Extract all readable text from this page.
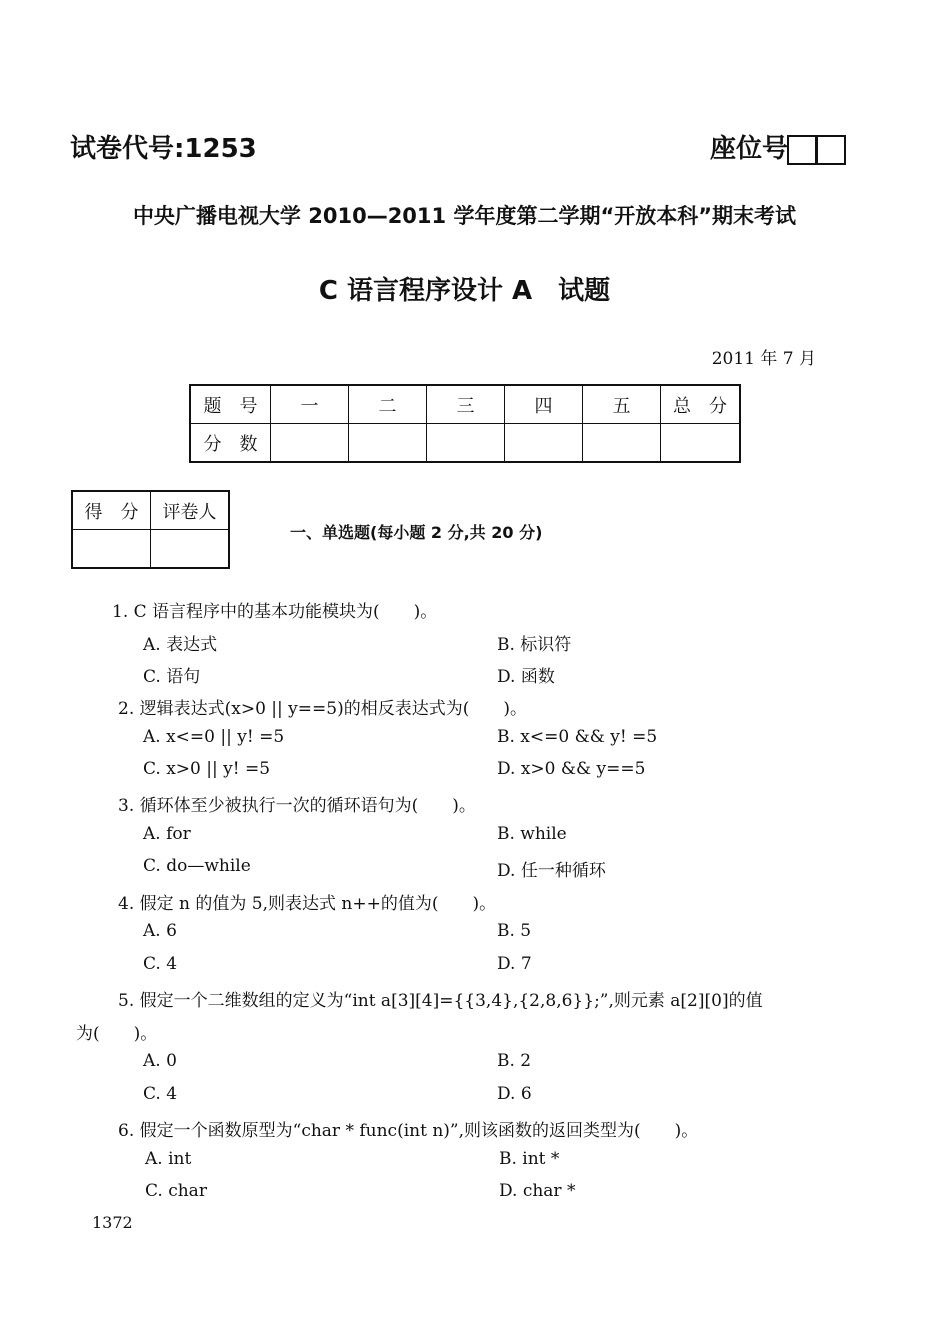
试卷代号:1253	座位号
中央广播电视大学 2010—2011 学年度第二学期“开放本科”期末考试
C 语言程序设计 A　试题
2011 年 7 月
题　号	一	二	三	四	五	总　分
分　数						
得　分	评卷人

一、单选题(每小题 2 分,共 20 分)
1. C 语言程序中的基本功能模块为(　　)。
A. 表达式	B. 标识符
C. 语句	D. 函数
2. 逻辑表达式(x>0 || y==5)的相反表达式为(　　)。
A. x<=0 || y! =5	B. x<=0 && y! =5
C. x>0 || y! =5	D. x>0 && y==5
3. 循环体至少被执行一次的循环语句为(　　)。
A. for	B. while
C. do—while	D. 任一种循环
4. 假定 n 的值为 5,则表达式 n++的值为(　　)。
A. 6	B. 5
C. 4	D. 7
5. 假定一个二维数组的定义为“int a[3][4]={{3,4},{2,8,6}};”,则元素 a[2][0]的值
为(　　)。
A. 0	B. 2
C. 4	D. 6
6. 假定一个函数原型为“char * func(int n)”,则该函数的返回类型为(　　)。
A. int	B. int *
C. char	D. char *
1372
